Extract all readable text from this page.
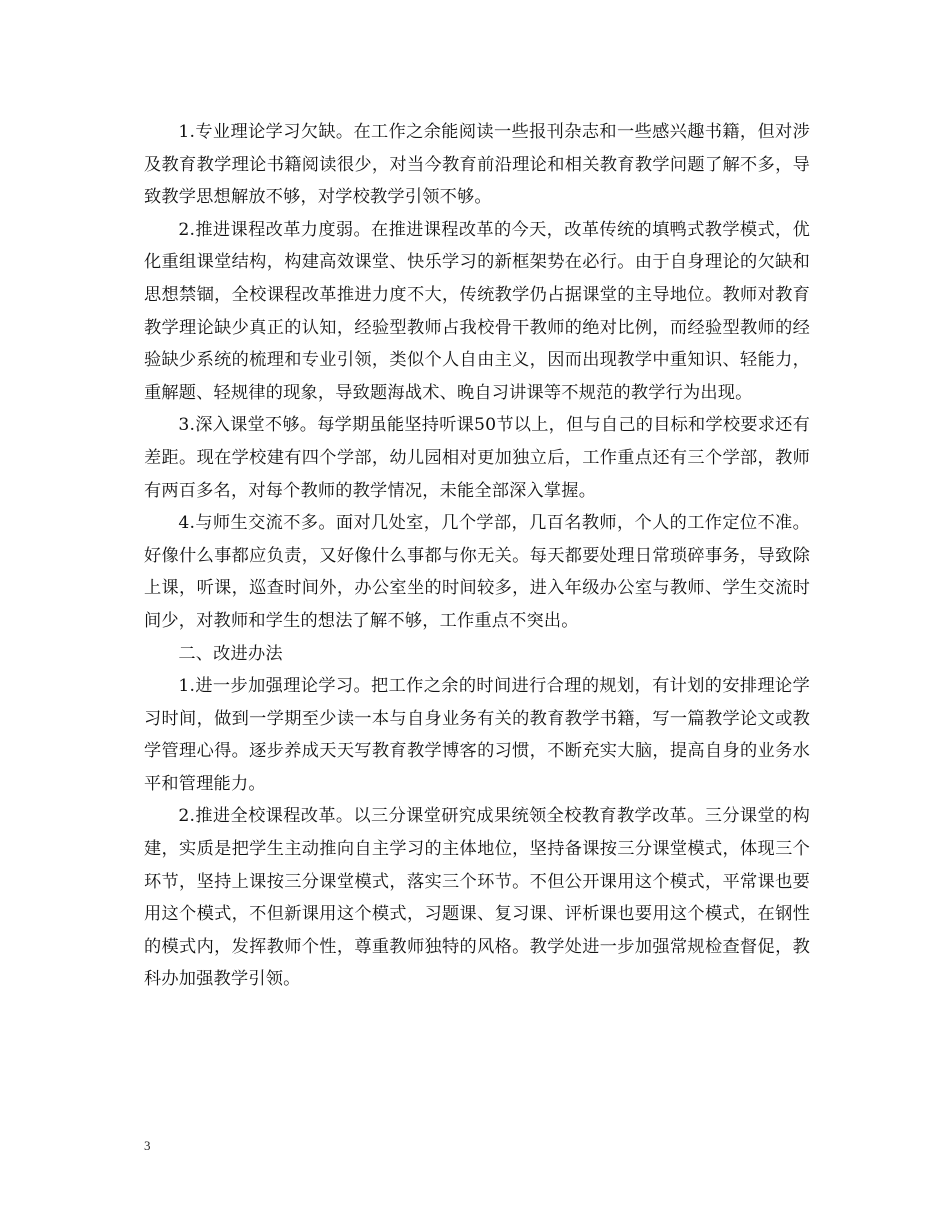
1.专业理论学习欠缺。在工作之余能阅读一些报刊杂志和一些感兴趣书籍，但对涉及教育教学理论书籍阅读很少，对当今教育前沿理论和相关教育教学问题了解不多，导致教学思想解放不够，对学校教学引领不够。

2.推进课程改革力度弱。在推进课程改革的今天，改革传统的填鸭式教学模式，优化重组课堂结构，构建高效课堂、快乐学习的新框架势在必行。由于自身理论的欠缺和思想禁锢，全校课程改革推进力度不大，传统教学仍占据课堂的主导地位。教师对教育教学理论缺少真正的认知，经验型教师占我校骨干教师的绝对比例，而经验型教师的经验缺少系统的梳理和专业引领，类似个人自由主义，因而出现教学中重知识、轻能力，重解题、轻规律的现象，导致题海战术、晚自习讲课等不规范的教学行为出现。

3.深入课堂不够。每学期虽能坚持听课50节以上，但与自己的目标和学校要求还有差距。现在学校建有四个学部，幼儿园相对更加独立后，工作重点还有三个学部，教师有两百多名，对每个教师的教学情况，未能全部深入掌握。

4.与师生交流不多。面对几处室，几个学部，几百名教师，个人的工作定位不准。好像什么事都应负责，又好像什么事都与你无关。每天都要处理日常琐碎事务，导致除上课，听课，巡查时间外，办公室坐的时间较多，进入年级办公室与教师、学生交流时间少，对教师和学生的想法了解不够，工作重点不突出。

二、改进办法

1.进一步加强理论学习。把工作之余的时间进行合理的规划，有计划的安排理论学习时间，做到一学期至少读一本与自身业务有关的教育教学书籍，写一篇教学论文或教学管理心得。逐步养成天天写教育教学博客的习惯，不断充实大脑，提高自身的业务水平和管理能力。

2.推进全校课程改革。以三分课堂研究成果统领全校教育教学改革。三分课堂的构建，实质是把学生主动推向自主学习的主体地位，坚持备课按三分课堂模式，体现三个环节，坚持上课按三分课堂模式，落实三个环节。不但公开课用这个模式，平常课也要用这个模式，不但新课用这个模式，习题课、复习课、评析课也要用这个模式，在钢性的模式内，发挥教师个性，尊重教师独特的风格。教学处进一步加强常规检查督促，教科办加强教学引领。

3
